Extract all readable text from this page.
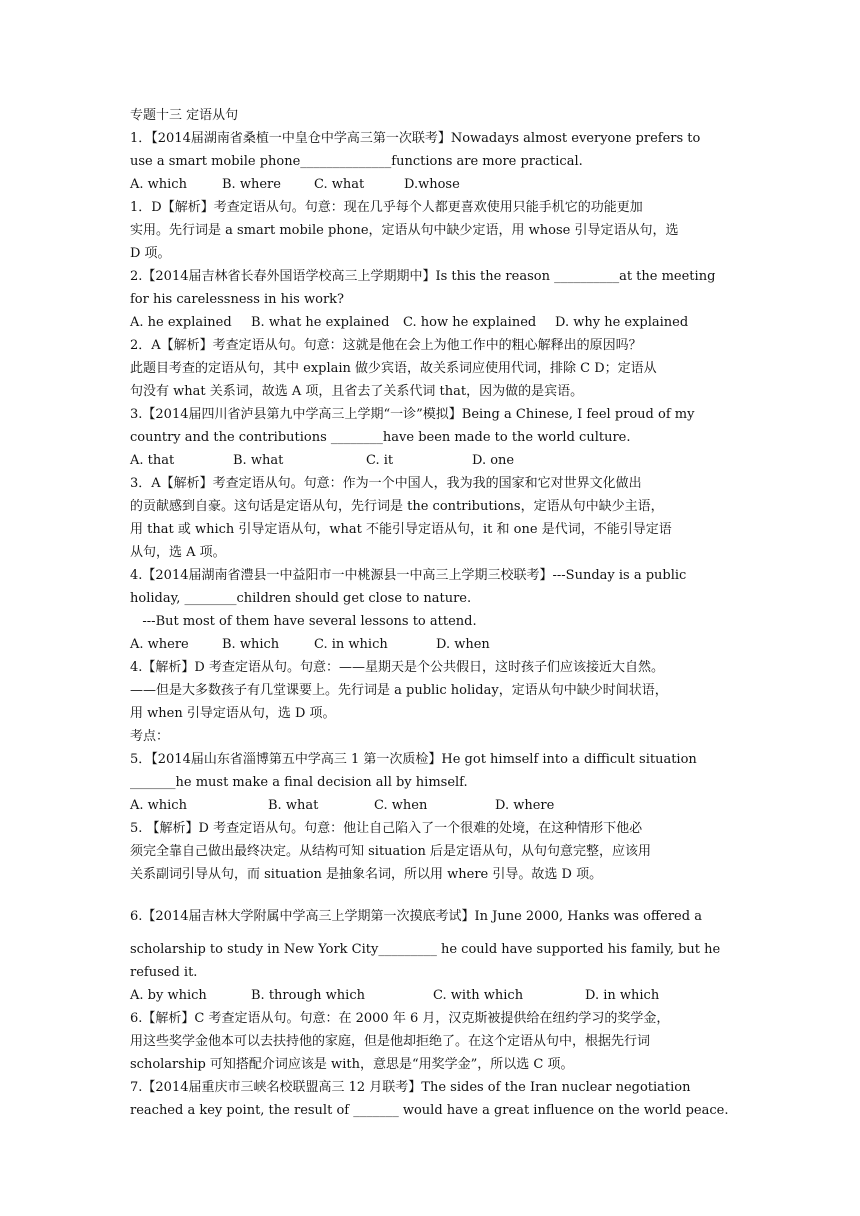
专题十三 定语从句
1．【2014届湖南省桑植一中皇仓中学高三第一次联考】Nowadays almost everyone prefers to
use a smart mobile phone______________functions are more practical.
A. which	B. where	C. what	D.whose
1．D【解析】考查定语从句。句意：现在几乎每个人都更喜欢使用只能手机它的功能更加
实用。先行词是 a smart mobile phone，定语从句中缺少定语，用 whose 引导定语从句，选
D 项。
2.【2014届吉林省长春外国语学校高三上学期期中】Is this the reason __________at the meeting
for his carelessness in his work?
A. he explained	B. what he explained	C. how he explained	D. why he explained
2．A【解析】考查定语从句。句意：这就是他在会上为他工作中的粗心解释出的原因吗？
此题目考查的定语从句，其中 explain 做少宾语，故关系词应使用代词，排除 C D；定语从
句没有 what 关系词，故选 A 项，且省去了关系代词 that，因为做的是宾语。
3.【2014届四川省泸县第九中学高三上学期“一诊”模拟】Being a Chinese, I feel proud of my
country and the contributions ________have been made to the world culture.
A. that	B. what	C. it	D. one
3．A【解析】考查定语从句。句意：作为一个中国人，我为我的国家和它对世界文化做出
的贡献感到自豪。这句话是定语从句，先行词是 the contributions，定语从句中缺少主语，
用 that 或 which 引导定语从句，what 不能引导定语从句，it 和 one 是代词，不能引导定语
从句，选 A 项。
4.【2014届湖南省澧县一中益阳市一中桃源县一中高三上学期三校联考】---Sunday is a public
holiday, ________children should get close to nature.
---But most of them have several lessons to attend.
A. where	B. which	C. in which	D. when
4.【解析】D 考查定语从句。句意：——星期天是个公共假日，这时孩子们应该接近大自然。
——但是大多数孩子有几堂课要上。先行词是 a public holiday，定语从句中缺少时间状语，
用 when 引导定语从句，选 D 项。
考点：
5．【2014届山东省淄博第五中学高三 1 第一次质检】He got himself into a difficult situation
_______he must make a final decision all by himself.
A. which	B. what	C. when	D. where
5. 【解析】D 考查定语从句。句意：他让自己陷入了一个很难的处境，在这种情形下他必
须完全靠自己做出最终决定。从结构可知 situation 后是定语从句，从句句意完整，应该用
关系副词引导从句，而 situation 是抽象名词，所以用 where 引导。故选 D 项。
6.【2014届吉林大学附属中学高三上学期第一次摸底考试】In June 2000, Hanks was offered a
scholarship to study in New York City_________ he could have supported his family, but he
refused it.
A. by which	B. through which	C. with which	D. in which
6.【解析】C 考查定语从句。句意：在 2000 年 6 月，汉克斯被提供给在纽约学习的奖学金，
用这些奖学金他本可以去扶持他的家庭，但是他却拒绝了。在这个定语从句中，根据先行词
scholarship 可知搭配介词应该是 with，意思是“用奖学金”，所以选 C 项。
7.【2014届重庆市三峡名校联盟高三 12 月联考】The sides of the Iran nuclear negotiation
reached a key point, the result of _______ would have a great influence on the world peace.
